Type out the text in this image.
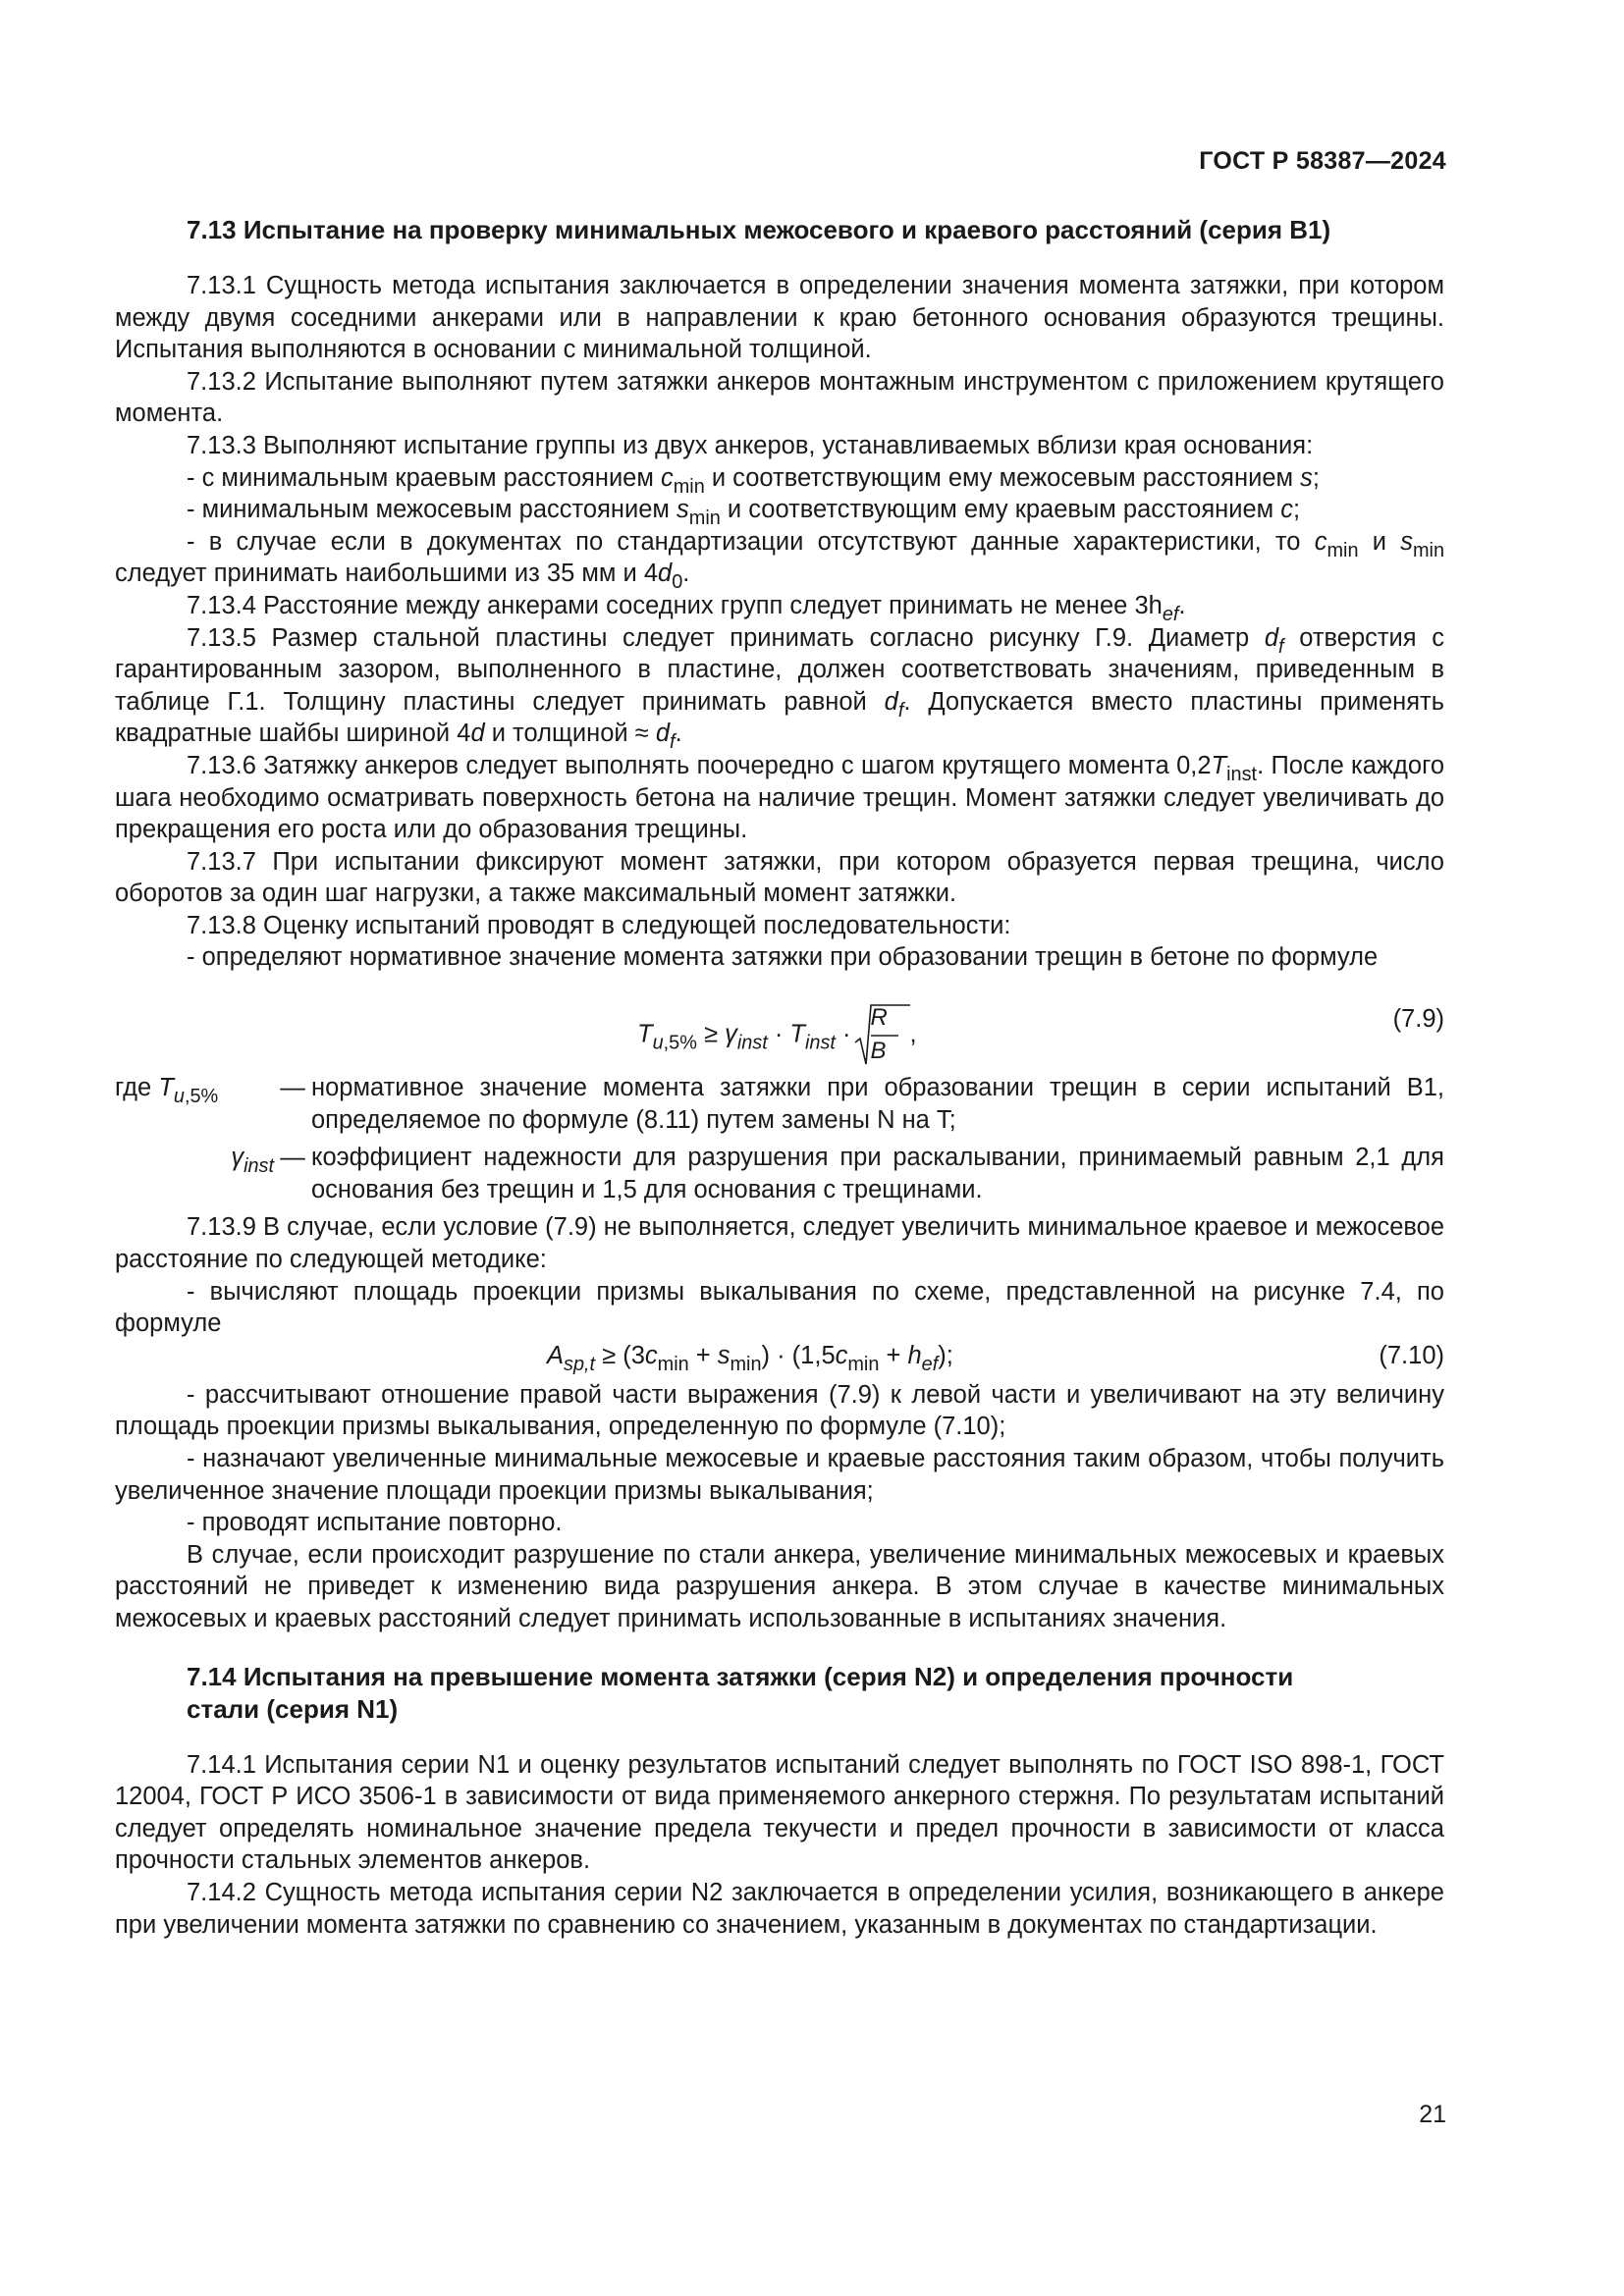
ГОСТ Р 58387—2024
7.13 Испытание на проверку минимальных межосевого и краевого расстояний (серия В1)

7.13.1 Сущность метода испытания заключается в определении значения момента затяжки, при котором между двумя соседними анкерами или в направлении к краю бетонного основания образуются трещины. Испытания выполняются в основании с минимальной толщиной.

7.13.2 Испытание выполняют путем затяжки анкеров монтажным инструментом с приложением крутящего момента.

7.13.3 Выполняют испытание группы из двух анкеров, устанавливаемых вблизи края основания:

- с минимальным краевым расстоянием $c_{min}$ и соответствующим ему межосевым расстоянием s;

- минимальным межосевым расстоянием $s_{min}$ и соответствующим ему краевым расстоянием c;

- в случае если в документах по стандартизации отсутствуют данные характеристики, то $c_{min}$ и $s_{min}$ следует принимать наибольшими из 35 мм и $4d_0$.

7.13.4 Расстояние между анкерами соседних групп следует принимать не менее $3h_{ef}$.

7.13.5 Размер стальной пластины следует принимать согласно рисунку Г.9. Диаметр $d_f$ отверстия с гарантированным зазором, выполненного в пластине, должен соответствовать значениям, приведенным в таблице Г.1. Толщину пластины следует принимать равной $d_f$. Допускается вместо пластины применять квадратные шайбы шириной 4d и толщиной ≈ $d_f$.

7.13.6 Затяжку анкеров следует выполнять поочередно с шагом крутящего момента $0,2T_{inst}$. После каждого шага необходимо осматривать поверхность бетона на наличие трещин. Момент затяжки следует увеличивать до прекращения его роста или до образования трещины.

7.13.7 При испытании фиксируют момент затяжки, при котором образуется первая трещина, число оборотов за один шаг нагрузки, а также максимальный момент затяжки.

7.13.8 Оценку испытаний проводят в следующей последовательности:

- определяют нормативное значение момента затяжки при образовании трещин в бетоне по формуле

$T_{u,5\%} \ge \gamma_{inst} \cdot T_{inst}$ ·
R
B
,
(7.9)
где $T_{u,5\%}$	— нормативное значение момента затяжки при образовании трещин в серии испытаний В1, определяемое по формуле (8.11) путем замены N на T;
$\gamma_{inst}$ — коэффициент надежности для разрушения при раскалывании, принимаемый равным 2,1 для основания без трещин и 1,5 для основания с трещинами.

7.13.9 В случае, если условие (7.9) не выполняется, следует увеличить минимальное краевое и межосевое расстояние по следующей методике:

- вычисляют площадь проекции призмы выкалывания по схеме, представленной на рисунке 7.4, по формуле

$A_{sp,t} \ge (3c_{min} + s_{min}) \cdot (1,5c_{min} + h_{ef})$;	(7.10)

- рассчитывают отношение правой части выражения (7.9) к левой части и увеличивают на эту величину площадь проекции призмы выкалывания, определенную по формуле (7.10);

- назначают увеличенные минимальные межосевые и краевые расстояния таким образом, чтобы получить увеличенное значение площади проекции призмы выкалывания;

- проводят испытание повторно.

В случае, если происходит разрушение по стали анкера, увеличение минимальных межосевых и краевых расстояний не приведет к изменению вида разрушения анкера. В этом случае в качестве минимальных межосевых и краевых расстояний следует принимать использованные в испытаниях значения.

7.14 Испытания на превышение момента затяжки (серия N2) и определения прочности
стали (серия N1)

7.14.1 Испытания серии N1 и оценку результатов испытаний следует выполнять по ГОСТ ISO 898-1, ГОСТ 12004, ГОСТ Р ИСО 3506-1 в зависимости от вида применяемого анкерного стержня. По результатам испытаний следует определять номинальное значение предела текучести и предел прочности в зависимости от класса прочности стальных элементов анкеров.

7.14.2 Сущность метода испытания серии N2 заключается в определении усилия, возникающего в анкере при увеличении момента затяжки по сравнению со значением, указанным в документах по стандартизации.

21
